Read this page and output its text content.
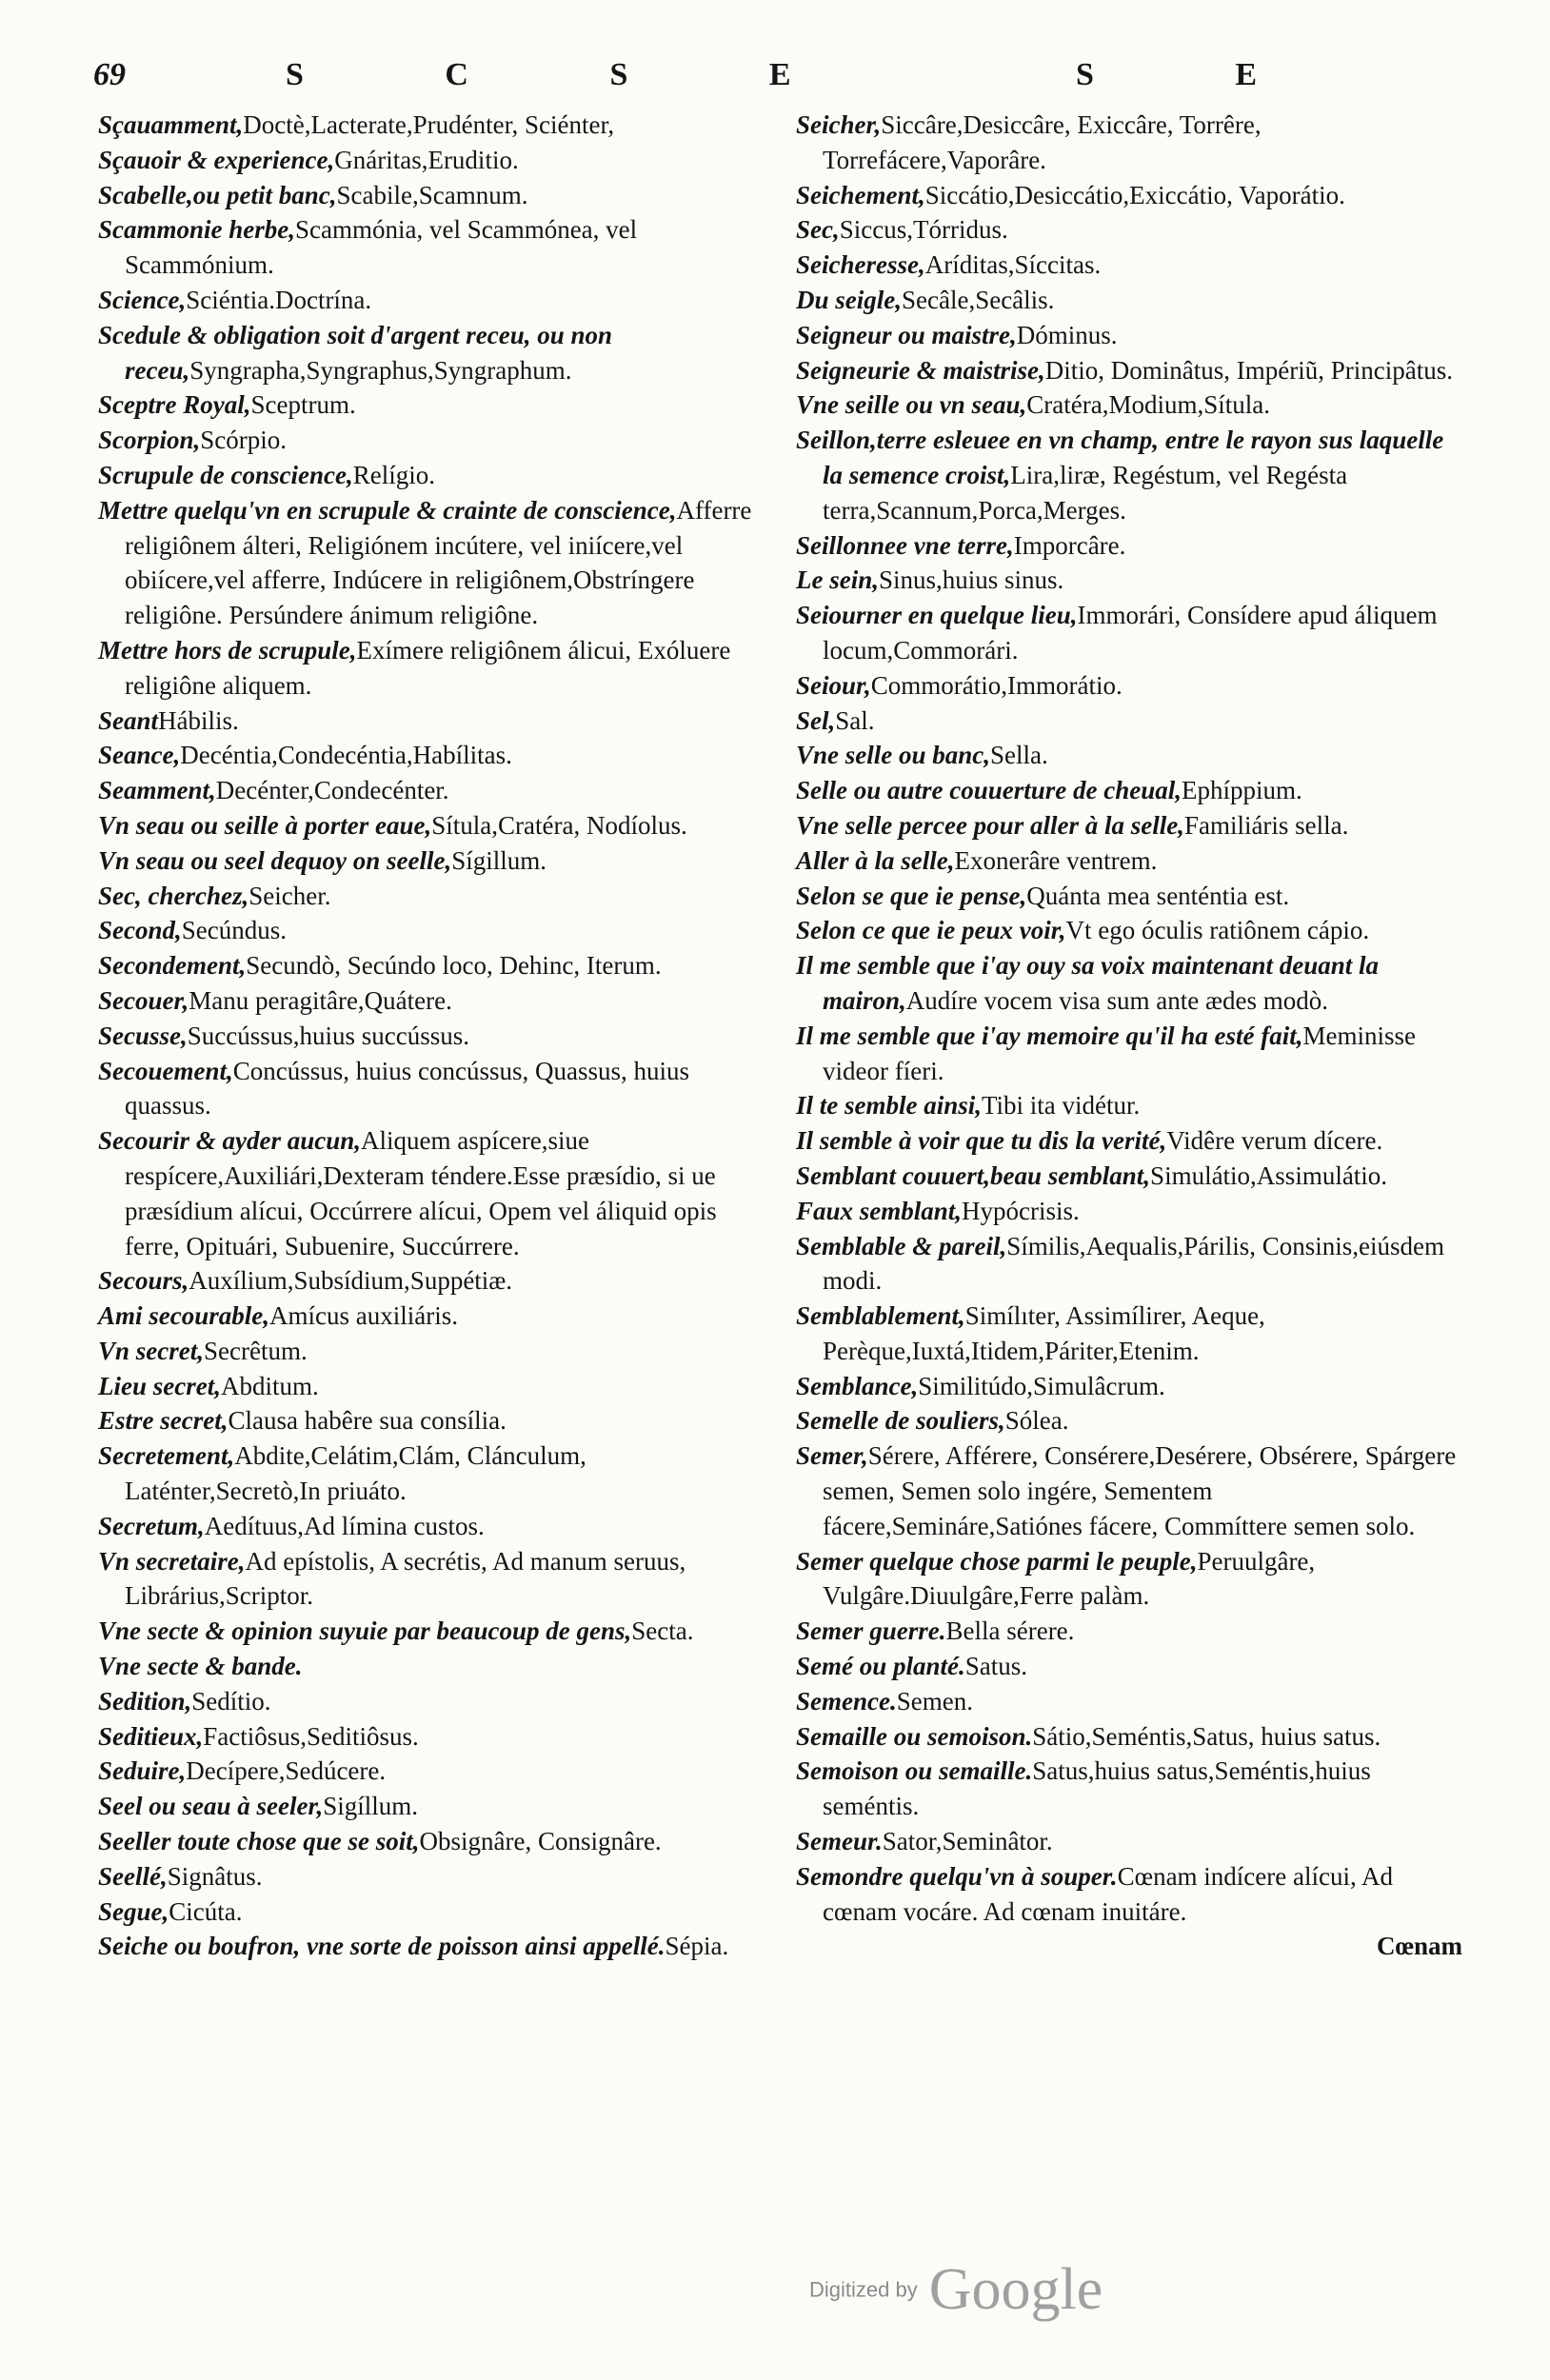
69	S C S E	S E

Sçauamment,Doctè,Lacterate,Prudénter, Sciénter,

Sçauoir & experience,Gnáritas,Eruditio.

Scabelle,ou petit banc,Scabile,Scamnum.

Scammonie herbe,Scammónia, vel Scammónea, vel Scammónium.

Science,Sciéntia.Doctrína.

Scedule & obligation soit d'argent receu, ou non receu,Syngrapha,Syngraphus,Syngraphum.

Sceptre Royal,Sceptrum.

Scorpion,Scórpio.

Scrupule de conscience,Relígio.

Mettre quelqu'vn en scrupule & crainte de conscience,Afferre religiônem álteri, Religiónem incútere, vel iniícere,vel obiícere,vel afferre, Indúcere in religiônem,Obstríngere religiône. Persúndere ánimum religiône.

Mettre hors de scrupule,Exímere religiônem álicui, Exóluere religiône aliquem.

SeantHábilis.

Seance,Decéntia,Condecéntia,Habílitas.

Seamment,Decénter,Condecénter.

Vn seau ou seille à porter eaue,Sítula,Cratéra, Nodíolus.

Vn seau ou seel dequoy on seelle,Sígillum.

Sec, cherchez,Seicher.

Second,Secúndus.

Secondement,Secundò, Secúndo loco, Dehinc, Iterum.

Secouer,Manu peragitâre,Quátere.

Secusse,Succússus,huius succússus.

Secouement,Concússus, huius concússus, Quassus, huius quassus.

Secourir & ayder aucun,Aliquem aspícere,siue respícere,Auxiliári,Dexteram téndere.Esse præsídio, si ue præsídium alícui, Occúrrere alícui, Opem vel áliquid opis ferre, Opituári, Subuenire, Succúrrere.

Secours,Auxílium,Subsídium,Suppétiæ.

Ami secourable,Amícus auxiliáris.

Vn secret,Secrêtum.

Lieu secret,Abditum.

Estre secret,Clausa habêre sua consília.

Secretement,Abdite,Celátim,Clám, Clánculum, Laténter,Secretò,In priuáto.

Secretum,Aedítuus,Ad límina custos.

Vn secretaire,Ad epístolis, A secrétis, Ad manum seruus, Librárius,Scriptor.

Vne secte & opinion suyuie par beaucoup de gens,Secta.

Vne secte & bande.

Sedition,Sedítio.

Seditieux,Factiôsus,Seditiôsus.

Seduire,Decípere,Sedúcere.

Seel ou seau à seeler,Sigíllum.

Seeller toute chose que se soit,Obsignâre, Consignâre.

Seellé,Signâtus.

Segue,Cicúta.

Seiche ou boufron, vne sorte de poisson ainsi appellé.Sépia.

Seicher,Siccâre,Desiccâre, Exiccâre, Torrêre, Torrefácere,Vaporâre.

Seichement,Siccátio,Desiccátio,Exiccátio, Vaporátio.

Sec,Siccus,Tórridus.

Seicheresse,Aríditas,Síccitas.

Du seigle,Secâle,Secâlis.

Seigneur ou maistre,Dóminus.

Seigneurie & maistrise,Ditio, Dominâtus, Impériũ, Principâtus.

Vne seille ou vn seau,Cratéra,Modium,Sítula.

Seillon,terre esleuee en vn champ, entre le rayon sus laquelle la semence croist,Lira,liræ, Regéstum, vel Regésta terra,Scannum,Porca,Merges.

Seillonnee vne terre,Imporcâre.

Le sein,Sinus,huius sinus.

Seiourner en quelque lieu,Immorári, Consídere apud áliquem locum,Commorári.

Seiour,Commorátio,Immorátio.

Sel,Sal.

Vne selle ou banc,Sella.

Selle ou autre couuerture de cheual,Ephíppium.

Vne selle percee pour aller à la selle,Familiáris sella.

Aller à la selle,Exonerâre ventrem.

Selon se que ie pense,Quánta mea senténtia est.

Selon ce que ie peux voir,Vt ego óculis ratiônem cápio.

Il me semble que i'ay ouy sa voix maintenant deuant la mairon,Audíre vocem visa sum ante ædes modò.

Il me semble que i'ay memoire qu'il ha esté fait,Meminisse videor fíeri.

Il te semble ainsi,Tibi ita vidétur.

Il semble à voir que tu dis la verité,Vidêre verum dícere.

Semblant couuert,beau semblant,Simulátio,Assimulátio.

Faux semblant,Hypócrisis.

Semblable & pareil,Símilis,Aequalis,Párilis, Consinis,eiúsdem modi.

Semblablement,Simílıter, Assimílirer, Aeque, Perèque,Iuxtá,Itidem,Páriter,Etenim.

Semblance,Similitúdo,Simulâcrum.

Semelle de souliers,Sólea.

Semer,Sérere, Afférere, Consérere,Desérere, Obsérere, Spárgere semen, Semen solo ingére, Sementem fácere,Semináre,Satiónes fácere, Commíttere semen solo.

Semer quelque chose parmi le peuple,Peruulgâre, Vulgâre.Diuulgâre,Ferre palàm.

Semer guerre.Bella sérere.

Semé ou planté.Satus.

Semence.Semen.

Semaille ou semoison.Sátio,Seméntis,Satus, huius satus.

Semoison ou semaille.Satus,huius satus,Seméntis,huius seméntis.

Semeur.Sator,Seminâtor.

Semondre quelqu'vn à souper.Cœnam indícere alícui, Ad cœnam vocáre. Ad cœnam inuitáre.

Cœnam
Digitized by Google
